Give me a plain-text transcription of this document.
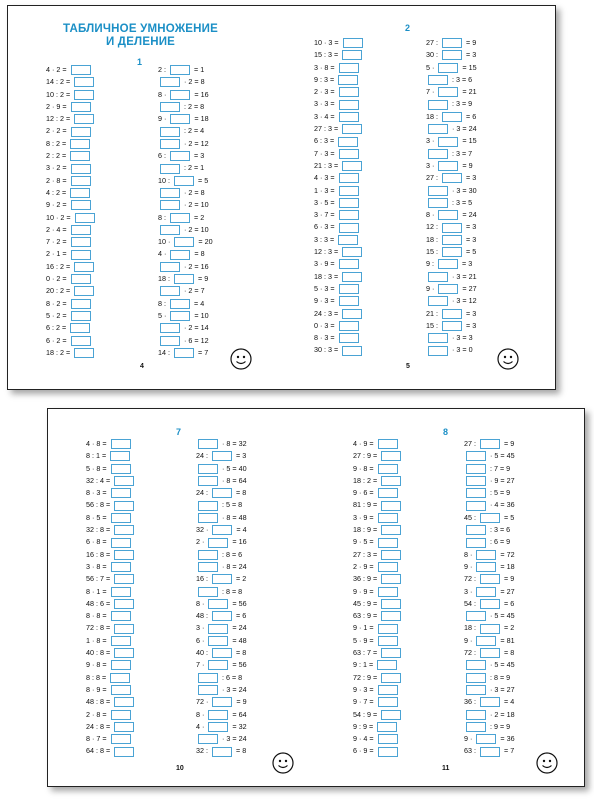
ТАБЛИЧНОЕ УМНОЖЕНИЕ
И ДЕЛЕНИЕ
1
2
4 · 2 =
14 : 2 =
10 : 2 =
2 · 9 =
12 : 2 =
2 · 2 =
8 : 2 =
2 : 2 =
3 · 2 =
2 · 8 =
4 : 2 =
9 · 2 =
10 · 2 =
2 · 4 =
7 · 2 =
2 · 1 =
16 : 2 =
0 · 2 =
20 : 2 =
8 · 2 =
5 · 2 =
6 : 2 =
6 · 2 =
18 : 2 =
2 :	= 1
· 2 = 8
8 ·	= 16
: 2 = 8
9 ·	= 18
: 2 = 4
· 2 = 12
6 :	= 3
: 2 = 1
10 :	= 5
· 2 = 8
· 2 = 10
8 :	= 2
· 2 = 10
10 ·	= 20
4 ·	= 8
· 2 = 16
18 :	= 9
· 2 = 7
8 :	= 4
5 ·	= 10
· 2 = 14
· 6 = 12
14 :	= 7
10 · 3 =
15 : 3 =
3 · 8 =
9 : 3 =
2 · 3 =
3 · 3 =
3 · 4 =
27 : 3 =
6 : 3 =
7 · 3 =
21 : 3 =
4 · 3 =
1 · 3 =
3 · 5 =
3 · 7 =
6 · 3 =
3 : 3 =
12 : 3 =
3 · 9 =
18 : 3 =
5 · 3 =
9 · 3 =
24 : 3 =
0 · 3 =
8 · 3 =
30 : 3 =
27 :	= 9
30 :	= 3
5 ·	= 15
: 3 = 6
7 ·	= 21
: 3 = 9
18 :	= 6
· 3 = 24
3 ·	= 15
: 3 = 7
3 ·	= 9
27 :	= 3
· 3 = 30
: 3 = 5
8 ·	= 24
12 :	= 3
18 :	= 3
15 :	= 5
9 :	= 3
· 3 = 21
9 ·	= 27
· 3 = 12
21 :	= 3
15 :	= 3
· 3 = 3
· 3 = 0
4	5
7	8
4 · 8 =
8 : 1 =
5 · 8 =
32 : 4 =
8 · 3 =
56 : 8 =
8 · 5 =
32 : 8 =
6 · 8 =
16 : 8 =
3 · 8 =
56 : 7 =
8 · 1 =
48 : 6 =
8 · 8 =
72 : 8 =
1 · 8 =
40 : 8 =
9 · 8 =
8 : 8 =
8 · 9 =
48 : 8 =
2 · 8 =
24 : 8 =
8 · 7 =
64 : 8 =
· 8 = 32
24 :	= 3
· 5 = 40
· 8 = 64
24 :	= 8
: 5 = 8
· 8 = 48
32 ·	= 4
2 ·	= 16
: 8 = 6
· 8 = 24
16 :	= 2
: 8 = 8
8 ·	= 56
48 :	= 6
3 ·	= 24
6 ·	= 48
40 :	= 8
7 ·	= 56
: 6 = 8
· 3 = 24
72 ·	= 9
8 ·	= 64
4 ·	= 32
· 3 = 24
32 :	= 8
4 · 9 =
27 : 9 =
9 · 8 =
18 : 2 =
9 · 6 =
81 : 9 =
3 · 9 =
18 : 9 =
9 · 5 =
27 : 3 =
2 · 9 =
36 : 9 =
9 · 9 =
45 : 9 =
63 : 9 =
9 · 1 =
5 · 9 =
63 : 7 =
9 : 1 =
72 : 9 =
9 · 3 =
9 · 7 =
54 : 9 =
9 : 9 =
9 · 4 =
6 · 9 =
27 :	= 9
· 5 = 45
: 7 = 9
· 9 = 27
: 5 = 9
· 4 = 36
45 :	= 5
: 3 = 6
: 6 = 9
8 ·	= 72
9 ·	= 18
72 :	= 9
3 ·	= 27
54 :	= 6
· 5 = 45
18 :	= 2
9 ·	= 81
72 :	= 8
· 5 = 45
: 8 = 9
· 3 = 27
36 :	= 4
· 2 = 18
: 9 = 9
9 ·	= 36
63 :	= 7
10	11
